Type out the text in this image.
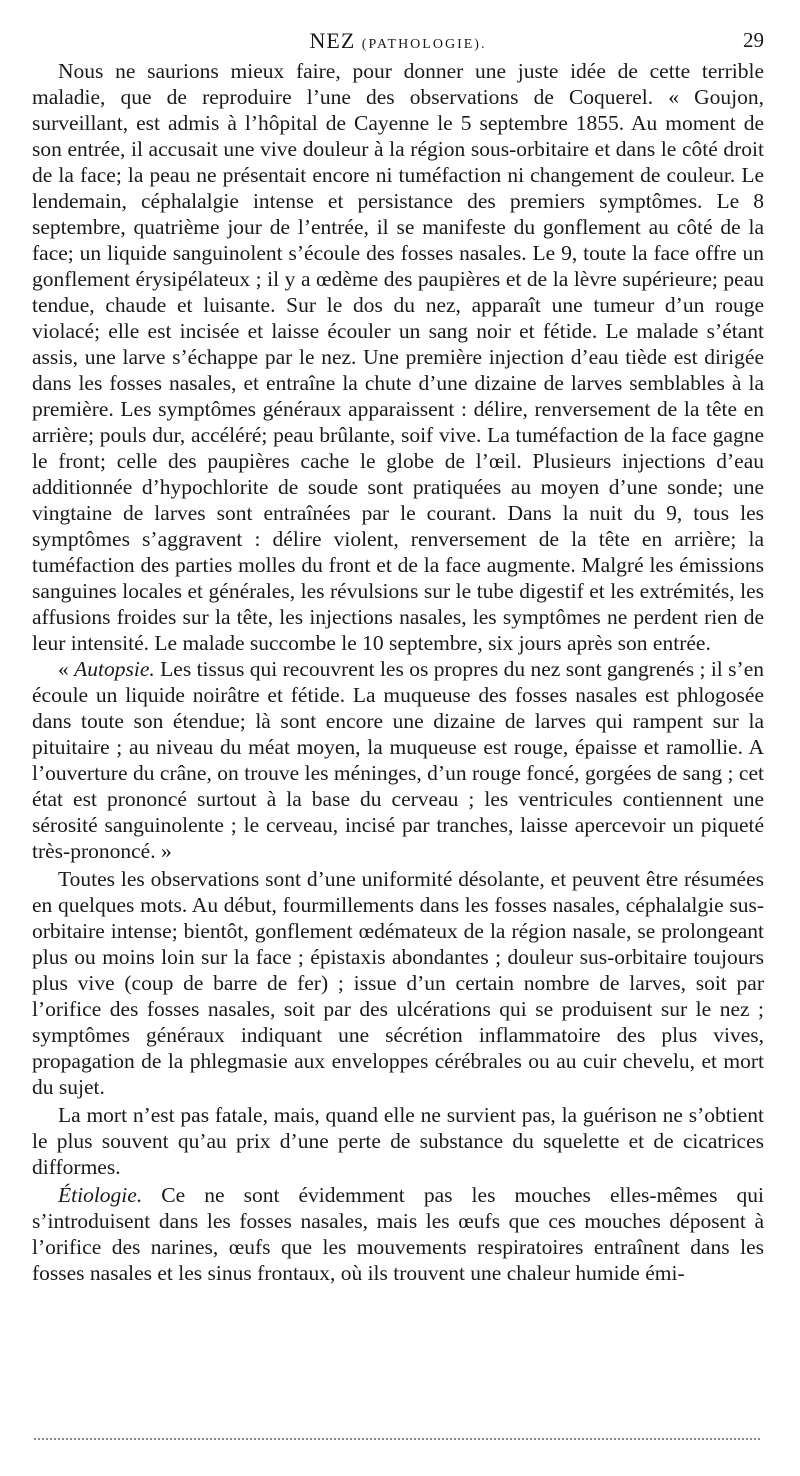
NEZ (PATHOLOGIE).	29

Nous ne saurions mieux faire, pour donner une juste idée de cette terrible maladie, que de reproduire l’une des observations de Coquerel. « Goujon, surveillant, est admis à l’hôpital de Cayenne le 5 septembre 1855. Au moment de son entrée, il accusait une vive douleur à la région sous-orbitaire et dans le côté droit de la face; la peau ne présentait encore ni tuméfaction ni changement de couleur. Le lendemain, céphalalgie intense et persistance des premiers symptômes. Le 8 septembre, quatrième jour de l’entrée, il se manifeste du gonflement au côté de la face; un liquide sanguinolent s’écoule des fosses nasales. Le 9, toute la face offre un gonflement érysipélateux ; il y a œdème des paupières et de la lèvre supérieure; peau tendue, chaude et luisante. Sur le dos du nez, apparaît une tumeur d’un rouge violacé; elle est incisée et laisse écouler un sang noir et fétide. Le malade s’étant assis, une larve s’échappe par le nez. Une première injection d’eau tiède est dirigée dans les fosses nasales, et entraîne la chute d’une dizaine de larves semblables à la première. Les symptômes généraux apparaissent : délire, renversement de la tête en arrière; pouls dur, accéléré; peau brûlante, soif vive. La tuméfaction de la face gagne le front; celle des paupières cache le globe de l’œil. Plusieurs injections d’eau additionnée d’hypochlorite de soude sont pratiquées au moyen d’une sonde; une vingtaine de larves sont entraînées par le courant. Dans la nuit du 9, tous les symptômes s’aggravent : délire violent, renversement de la tête en arrière; la tuméfaction des parties molles du front et de la face augmente. Malgré les émissions sanguines locales et générales, les révulsions sur le tube digestif et les extrémités, les affusions froides sur la tête, les injections nasales, les symptômes ne perdent rien de leur intensité. Le malade succombe le 10 septembre, six jours après son entrée.

« Autopsie. Les tissus qui recouvrent les os propres du nez sont gangrenés ; il s’en écoule un liquide noirâtre et fétide. La muqueuse des fosses nasales est phlogosée dans toute son étendue; là sont encore une dizaine de larves qui rampent sur la pituitaire ; au niveau du méat moyen, la muqueuse est rouge, épaisse et ramollie. A l’ouverture du crâne, on trouve les méninges, d’un rouge foncé, gorgées de sang ; cet état est prononcé surtout à la base du cerveau ; les ventricules contiennent une sérosité sanguinolente ; le cerveau, incisé par tranches, laisse apercevoir un piqueté très-prononcé. »

Toutes les observations sont d’une uniformité désolante, et peuvent être résumées en quelques mots. Au début, fourmillements dans les fosses nasales, céphalalgie sus-orbitaire intense; bientôt, gonflement œdémateux de la région nasale, se prolongeant plus ou moins loin sur la face ; épistaxis abondantes ; douleur sus-orbitaire toujours plus vive (coup de barre de fer) ; issue d’un certain nombre de larves, soit par l’orifice des fosses nasales, soit par des ulcérations qui se produisent sur le nez ; symptômes généraux indiquant une sécrétion inflammatoire des plus vives, propagation de la phlegmasie aux enveloppes cérébrales ou au cuir chevelu, et mort du sujet.

La mort n’est pas fatale, mais, quand elle ne survient pas, la guérison ne s’obtient le plus souvent qu’au prix d’une perte de substance du squelette et de cicatrices difformes.

Étiologie. Ce ne sont évidemment pas les mouches elles-mêmes qui s’introduisent dans les fosses nasales, mais les œufs que ces mouches déposent à l’orifice des narines, œufs que les mouvements respiratoires entraînent dans les fosses nasales et les sinus frontaux, où ils trouvent une chaleur humide émi-
